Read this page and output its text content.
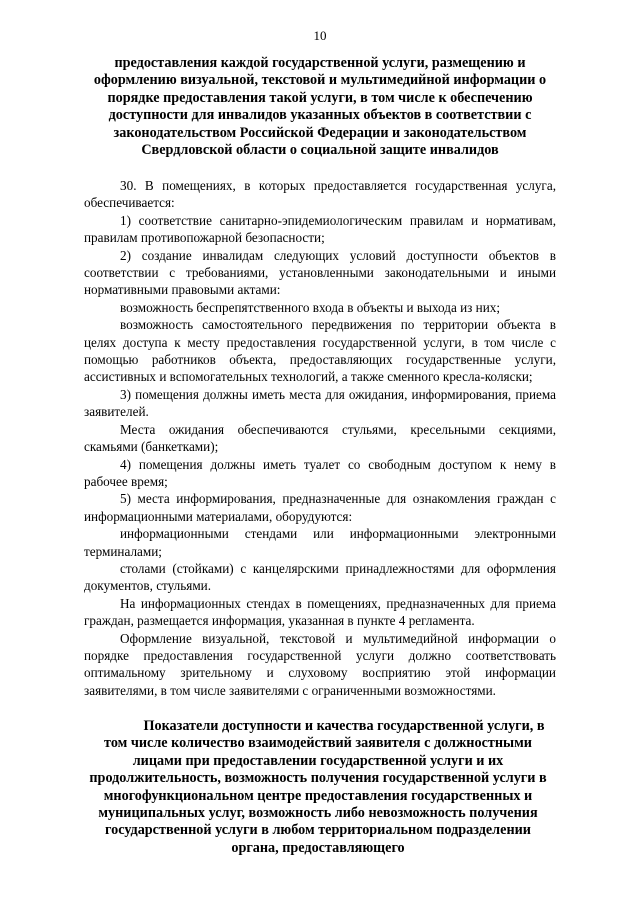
10
предоставления каждой государственной услуги, размещению и оформлению визуальной, текстовой и мультимедийной информации о порядке предоставления такой услуги, в том числе к обеспечению доступности для инвалидов указанных объектов в соответствии с законодательством Российской Федерации и законодательством Свердловской области о социальной защите инвалидов

30. В помещениях, в которых предоставляется государственная услуга, обеспечивается:

1) соответствие санитарно-эпидемиологическим правилам и нормативам, правилам противопожарной безопасности;

2) создание инвалидам следующих условий доступности объектов в соответствии с требованиями, установленными законодательными и иными нормативными правовыми актами:

возможность беспрепятственного входа в объекты и выхода из них;

возможность самостоятельного передвижения по территории объекта в целях доступа к месту предоставления государственной услуги, в том числе с помощью работников объекта, предоставляющих государственные услуги, ассистивных и вспомогательных технологий, а также сменного кресла-коляски;

3) помещения должны иметь места для ожидания, информирования, приема заявителей.

Места ожидания обеспечиваются стульями, кресельными секциями, скамьями (банкетками);

4) помещения должны иметь туалет со свободным доступом к нему в рабочее время;

5) места информирования, предназначенные для ознакомления граждан с информационными материалами, оборудуются:

информационными стендами или информационными электронными терминалами;

столами (стойками) с канцелярскими принадлежностями для оформления документов, стульями.

На информационных стендах в помещениях, предназначенных для приема граждан, размещается информация, указанная в пункте 4 регламента.

Оформление визуальной, текстовой и мультимедийной информации о порядке предоставления государственной услуги должно соответствовать оптимальному зрительному и слуховому восприятию этой информации заявителями, в том числе заявителями с ограниченными возможностями.

Показатели доступности и качества государственной услуги, в том числе количество взаимодействий заявителя с должностными лицами при предоставлении государственной услуги и их продолжительность, возможность получения государственной услуги в многофункциональном центре предоставления государственных и муниципальных услуг, возможность либо невозможность получения государственной услуги в любом территориальном подразделении органа, предоставляющего
